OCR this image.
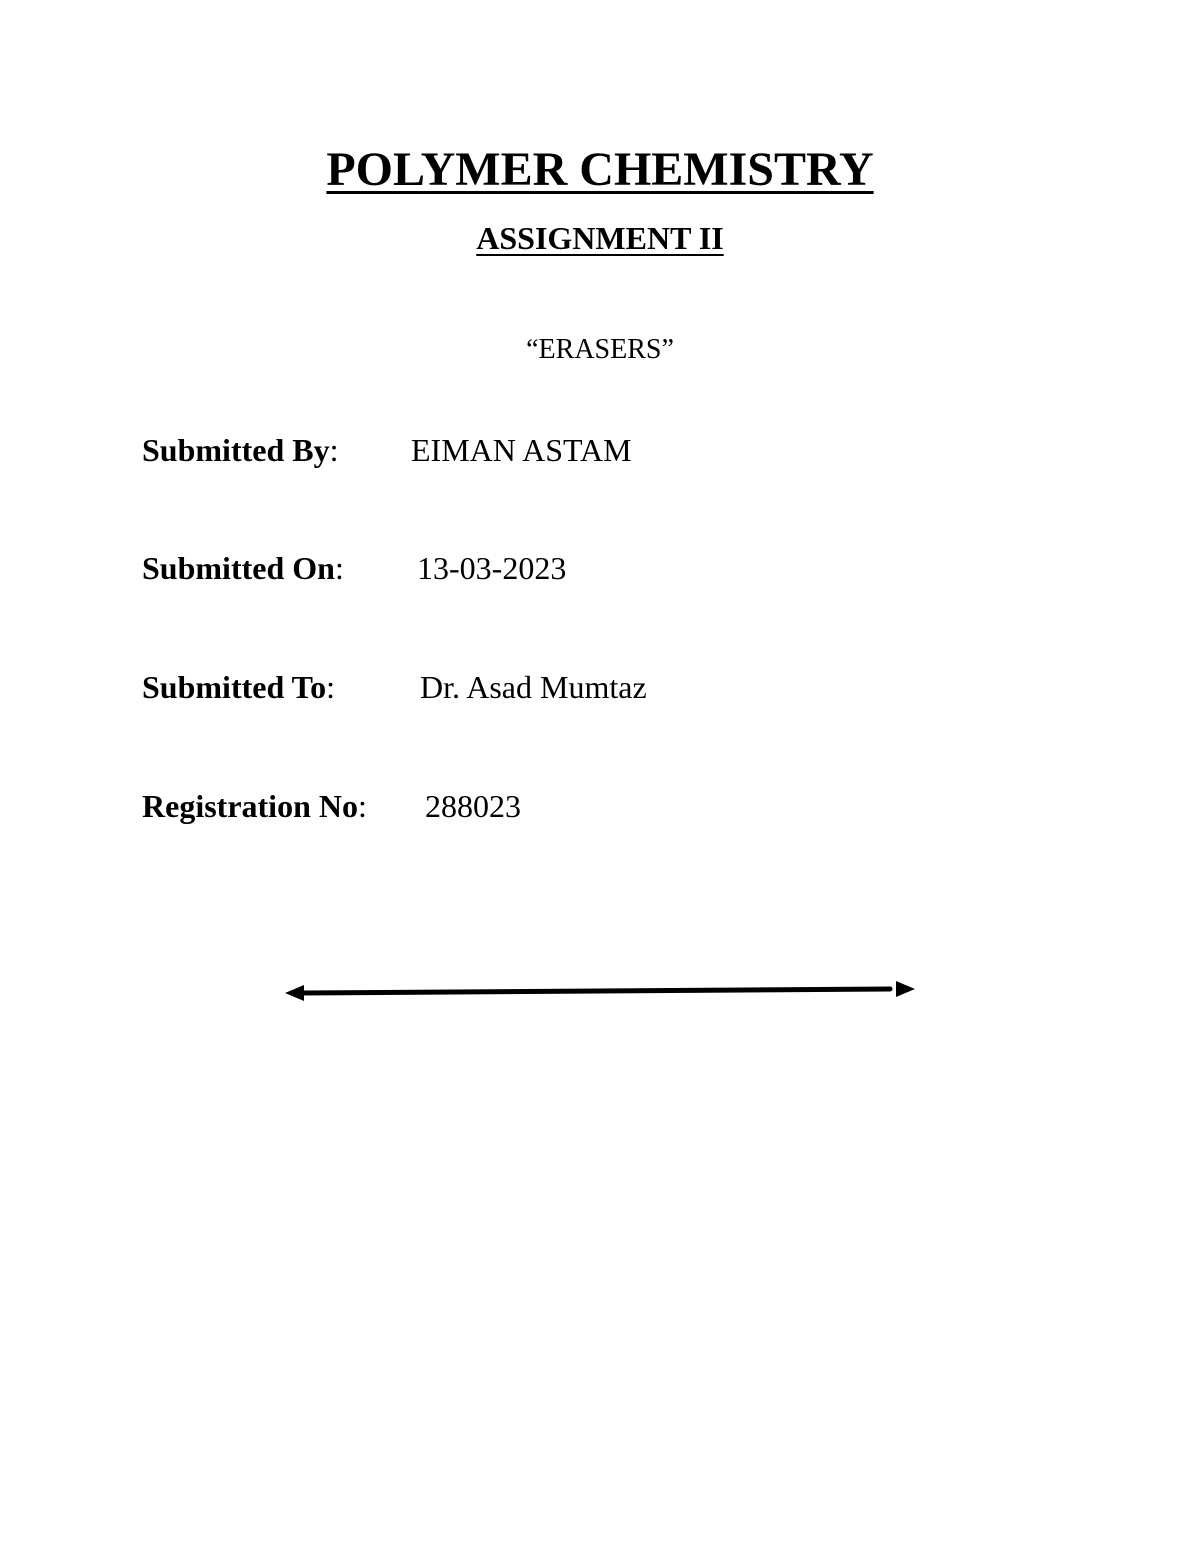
POLYMER CHEMISTRY
ASSIGNMENT II
“ERASERS”
Submitted By: EIMAN ASTAM
Submitted On: 13-03-2023
Submitted To:	Dr. Asad Mumtaz
Registration No: 288023
